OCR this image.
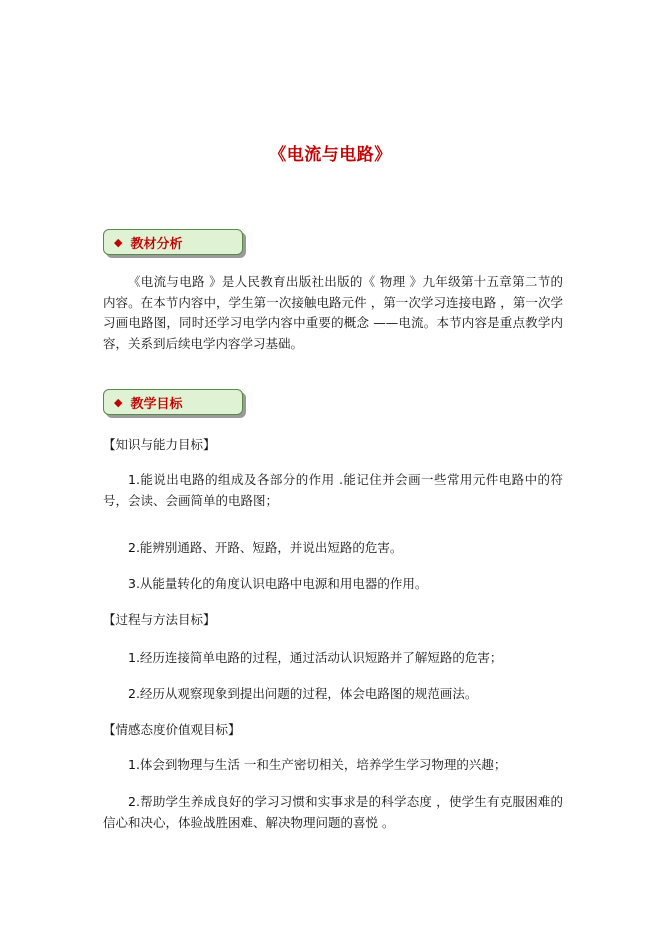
《电流与电路》
◆ 教材分析
《电流与电路 》是人民教育出版社出版的《 物理 》九年级第十五章第二节的内容。在本节内容中，学生第一次接触电路元件 ，第一次学习连接电路 ，第一次学习画电路图，同时还学习电学内容中重要的概念 ——电流。本节内容是重点教学内容，关系到后续电学内容学习基础。
◆ 教学目标
【知识与能力目标】
1.能说出电路的组成及各部分的作用 .能记住并会画一些常用元件电路中的符号，会读、会画简单的电路图；
2.能辨别通路、开路、短路，并说出短路的危害。
3.从能量转化的角度认识电路中电源和用电器的作用。
【过程与方法目标】
1.经历连接简单电路的过程，通过活动认识短路并了解短路的危害；
2.经历从观察现象到提出问题的过程，体会电路图的规范画法。
【情感态度价值观目标】
1.体会到物理与生活 一和生产密切相关，培养学生学习物理的兴趣；
2.帮助学生养成良好的学习习惯和实事求是的科学态度 ，使学生有克服困难的信心和决心，体验战胜困难、解决物理问题的喜悦 。
